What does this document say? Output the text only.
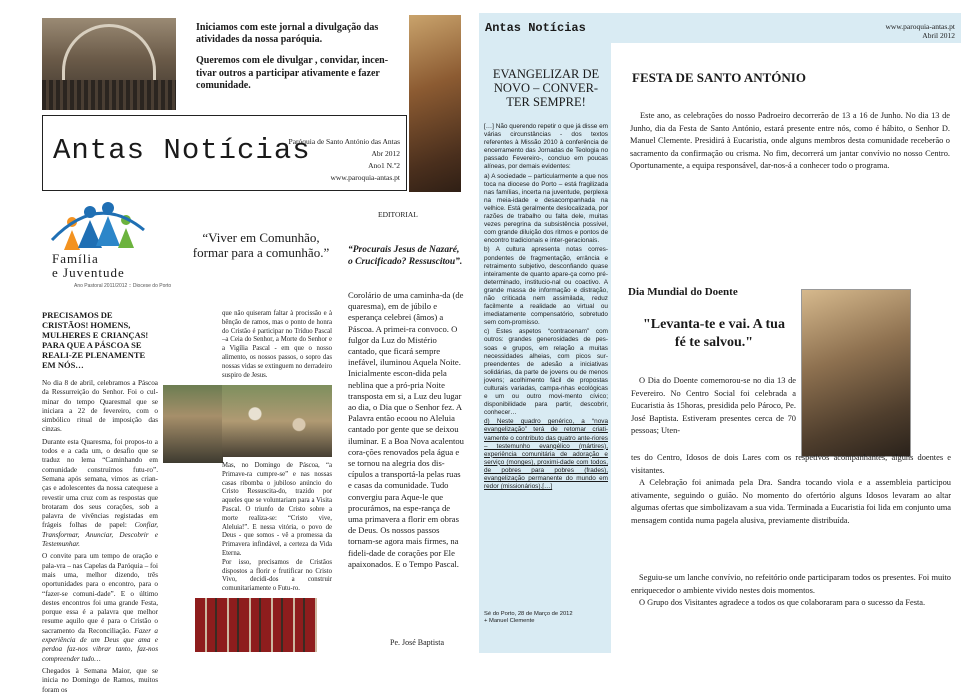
Iniciamos com este jornal a divulgação das atividades da nossa paróquia.

Queremos com ele divulgar , convidar, incen-tivar outros a participar ativamente e fazer comunidade.

Antas Notícias
Paróquia de Santo António das Antas
Abr 2012
Ano1 N.º2
www.paroquia-antas.pt
Família
e Juventude
Ano Pastoral 2011/2012 :: Diocese do Porto
EDITORIAL
“Viver em Comunhão, formar para a comunhão.”	“Procurais Jesus de Nazaré, o Crucificado? Ressuscitou”.
PRECISAMOS DE CRISTÃOS! HOMENS, MULHERES E CRIANÇAS! PARA QUE A PÁSCOA SE REALI-ZE PLENAMENTE EM NÓS…

No dia 8 de abril, celebramos a Páscoa da Ressurreição do Senhor. Foi o cul-minar do tempo Quaresmal que se iniciara a 22 de fevereiro, com o simbólico ritual de imposição das cinzas.

Durante esta Quaresma, foi propos-to a todos e a cada um, o desafio que se traduz no lema “Caminhando em comunidade construímos futu-ro”. Semana após semana, vimos as crian-ças e adolescentes da nossa catequese a revestir uma cruz com as respostas que brotaram dos seus corações, sob a palavra de vivências registadas em frágeis folhas de papel: Confiar, Transformar, Anunciar, Descobrir e Testemunhar.

O convite para um tempo de oração e pala-vra – nas Capelas da Paróquia – foi mais uma, melhor dizendo, três oportunidades para o encontro, para o “fazer-se comuni-dade”. E o último destes encontros foi uma grande Festa, porque essa é a palavra que melhor resume aquilo que é para o Cristão o sacramento da Reconciliação. Fazer a experiência de um Deus que ama e perdoa faz-nos vibrar tanto, faz-nos compreender tudo…

Chegados à Semana Maior, que se inicia no Domingo de Ramos, muitos foram os

que não quiseram faltar à procissão e à bênção de ramos, mas o ponto de honra do Cristão é participar no Tríduo Pascal –a Ceia do Senhor, a Morte do Senhor e a Vigília Pascal - em que o nosso alimento, os nossos passos, o sopro das nossas vidas se extinguem no derradeiro suspiro de Jesus.

Mas, no Domingo de Páscoa, “a Primave-ra cumpre-se” e nas nossas casas ribomba o jubiloso anúncio do Cristo Ressuscita-do, trazido por aqueles que se voluntariam para a Visita Pascal. O triunfo de Cristo sobre a morte realiza-se: “Cristo vive, Aleluia!”. E nessa vitória, o povo de Deus - que somos - vê a promessa da Primavera infindável, a certeza da Vida Eterna.

Por isso, precisamos de Cristãos dispostos a florir e frutificar no Cristo Vivo, decidi-dos a construir comunitariamente o Futu-ro.

Corolário de uma caminha-da (de quaresma), em de júbilo e esperança celebrei (âmos) a Páscoa. A primei-ra convoco. O fulgor da Luz do Mistério cantado, que ficará sempre inefável, iluminou Aquela Noite. Inicialmente escon-dida pela neblina que a pró-pria Noite transposta em si, a Luz deu lugar ao dia, o Dia que o Senhor fez. A Palavra então ecoou no Aleluia cantado por gente que se deixou iluminar. E a Boa Nova acalentou cora-ções renovados pela água e se tornou na alegria dos dis-cípulos a transportá-la pelas ruas e casas da comunidade. Tudo convergiu para Aque-le que procurámos, na espe-rança de uma primavera a florir em obras de Deus. Os nossos passos tornam-se agora mais firmes, na fideli-dade de corações por Ele apaixonados. E o Tempo Pascal.
Pe. José Baptista
Antas Notícias	www.paroquia-antas.pt
Abril 2012
EVANGELIZAR DE NOVO – CONVER-TER SEMPRE!

[…] Não querendo repetir o que já disse em várias circunstâncias - dos textos referentes à Missão 2010 à conferência de encerramento das Jornadas de Teologia no passado Fevereiro-, concluo em poucas alíneas, por demais evidentes:

a) A sociedade – particularmente a que nos toca na diocese do Porto – está fragilizada nas famílias, incerta na juventude, perplexa na meia-idade e desacompanhada na velhice. Está geralmente deslocalizada, por razões de trabalho ou falta dele, muitas vezes peregrina da subsistência possível, com grande diluição dos ritmos e pontos de encontro tradicionais e inter-geracionais.

b) A cultura apresenta notas corres-pondentes de fragmentação, errância e retraimento subjetivo, desconfiando quase inteiramente de quanto apare-ça como pré-determinado, institucio-nal ou coactivo. A grande massa de informação e distração, não criticada nem assimilada, reduz facilmente a realidade ao virtual ou imediatamente compensatório, sobretudo sem com-promisso.

c) Estes aspetos “contracenam” com outros: grandes generosidades de pes-soas e grupos, em relação a muitas necessidades alheias, com picos sur-preendentes de adesão a iniciativas solidárias, da parte de jovens ou de menos jovens; acolhimento fácil de propostas culturais variadas, campa-nhas ecológicas e um ou outro movi-mento cívico; disponibilidade para partir, descobrir, conhecer…

d) Neste quadro genérico, a “nova evangelização” terá de retomar criati-vamente o contributo das quatro ante-riores – testemunho evangélico (mártires), experiência comunitária de adoração e serviço (monges), proximi-dade com todos, de pobres para pobres (frades), evangelização permanente do mundo em redor (missionários).[…]

Sé do Porto, 28 de Março de 2012
+ Manuel Clemente
FESTA DE SANTO ANTÓNIO
Este ano, as celebrações do nosso Padroeiro decorrerão de 13 a 16 de Junho. No dia 13 de Junho, dia da Festa de Santo António, estará presente entre nós, como é hábito, o Senhor D. Manuel Clemente. Presidirá à Eucaristia, onde alguns membros desta comunidade receberão o sacramento da confirmação ou crisma. No fim, decorrerá um jantar convívio no nosso Centro. Oportunamente, a equipa responsável, dar-nos-á a conhecer todo o programa.
Dia Mundial do Doente
"Levanta-te e vai. A tua fé te salvou."
O Dia do Doente comemorou-se no dia 13 de Fevereiro. No Centro Social foi celebrada a Eucaristia às 15horas, presidida pelo Pároco, Pe. José Baptista. Estiveram presentes cerca de 70 pessoas; Uten-

tes do Centro, Idosos de dois Lares com os respetivos acompanhantes, alguns doentes e visitantes.

A Celebração foi animada pela Dra. Sandra tocando viola e a assembleia participou ativamente, seguindo o guião. No momento do ofertório alguns Idosos levaram ao altar algumas ofertas que simbolizavam a sua vida. Terminada a Eucaristia foi lida em conjunto uma mensagem contida numa pagela alusiva, previamente distribuída.

Seguiu-se um lanche convívio, no refeitório onde participaram todos os presentes. Foi muito enriquecedor o ambiente vivido nestes dois momentos.

O Grupo dos Visitantes agradece a todos os que colaboraram para o sucesso da Festa.
